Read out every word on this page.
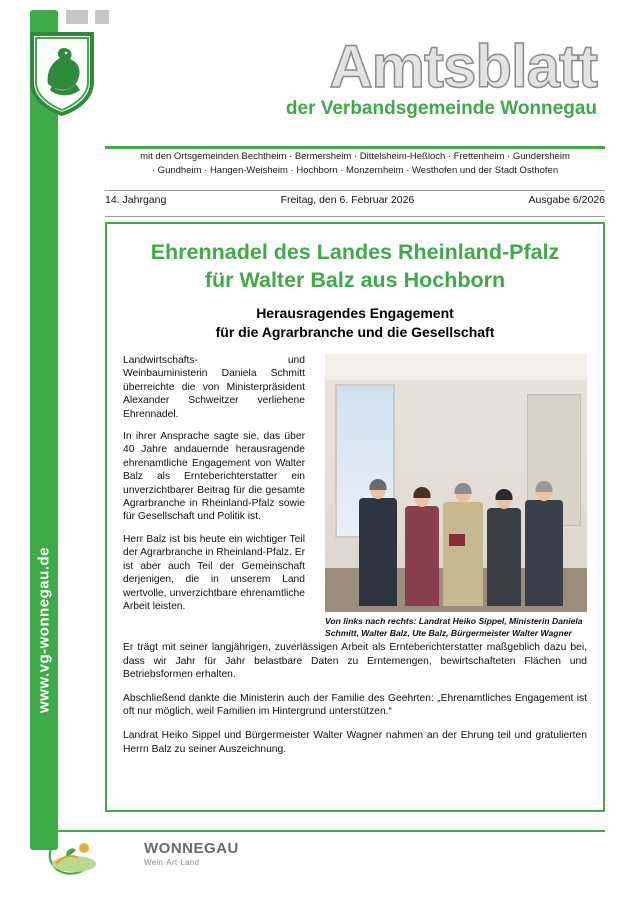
www.vg-wonnegau.de
Amtsblatt
der Verbandsgemeinde Wonnegau
mit den Ortsgemeinden Bechtheim · Bermersheim · Dittelsheim-Heßloch · Frettenheim · Gundersheim
· Gundheim · Hangen-Weisheim · Hochborn · Monzernheim · Westhofen und der Stadt Osthofen
14. Jahrgang	Freitag, den 6. Februar 2026	Ausgabe 6/2026
Ehrennadel des Landes Rheinland-Pfalz
für Walter Balz aus Hochborn
Herausragendes Engagement
für die Agrarbranche und die Gesellschaft
Von links nach rechts: Landrat Heiko Sippel, Ministerin Daniela Schmitt, Walter Balz, Ute Balz, Bürgermeister Walter Wagner

Landwirtschafts- und Weinbauministerin Daniela Schmitt überreichte die von Ministerpräsident Alexander Schweitzer verliehene Ehrennadel.

In ihrer Ansprache sagte sie, das über 40 Jahre andauernde herausragende ehrenamtliche Engagement von Walter Balz als Ernteberichterstatter ein unverzichtbarer Beitrag für die gesamte Agrarbranche in Rheinland-Pfalz sowie für Gesellschaft und Politik ist.

Herr Balz ist bis heute ein wichtiger Teil der Agrarbranche in Rheinland-Pfalz. Er ist aber auch Teil der Gemeinschaft derjenigen, die in unserem Land wertvolle, unverzichtbare ehrenamtliche Arbeit leisten.

Er trägt mit seiner langjährigen, zuverlässigen Arbeit als Ernteberichterstatter maßgeblich dazu bei, dass wir Jahr für Jahr belastbare Daten zu Erntemengen, bewirtschafteten Flächen und Betriebsformen erhalten.

Abschließend dankte die Ministerin auch der Familie des Geehrten: „Ehrenamtliches Engagement ist oft nur möglich, weil Familien im Hintergrund unterstützen.“

Landrat Heiko Sippel und Bürgermeister Walter Wagner nahmen an der Ehrung teil und gratulierten Herrn Balz zu seiner Auszeichnung.

WONNEGAU
Wein·Art·Land
